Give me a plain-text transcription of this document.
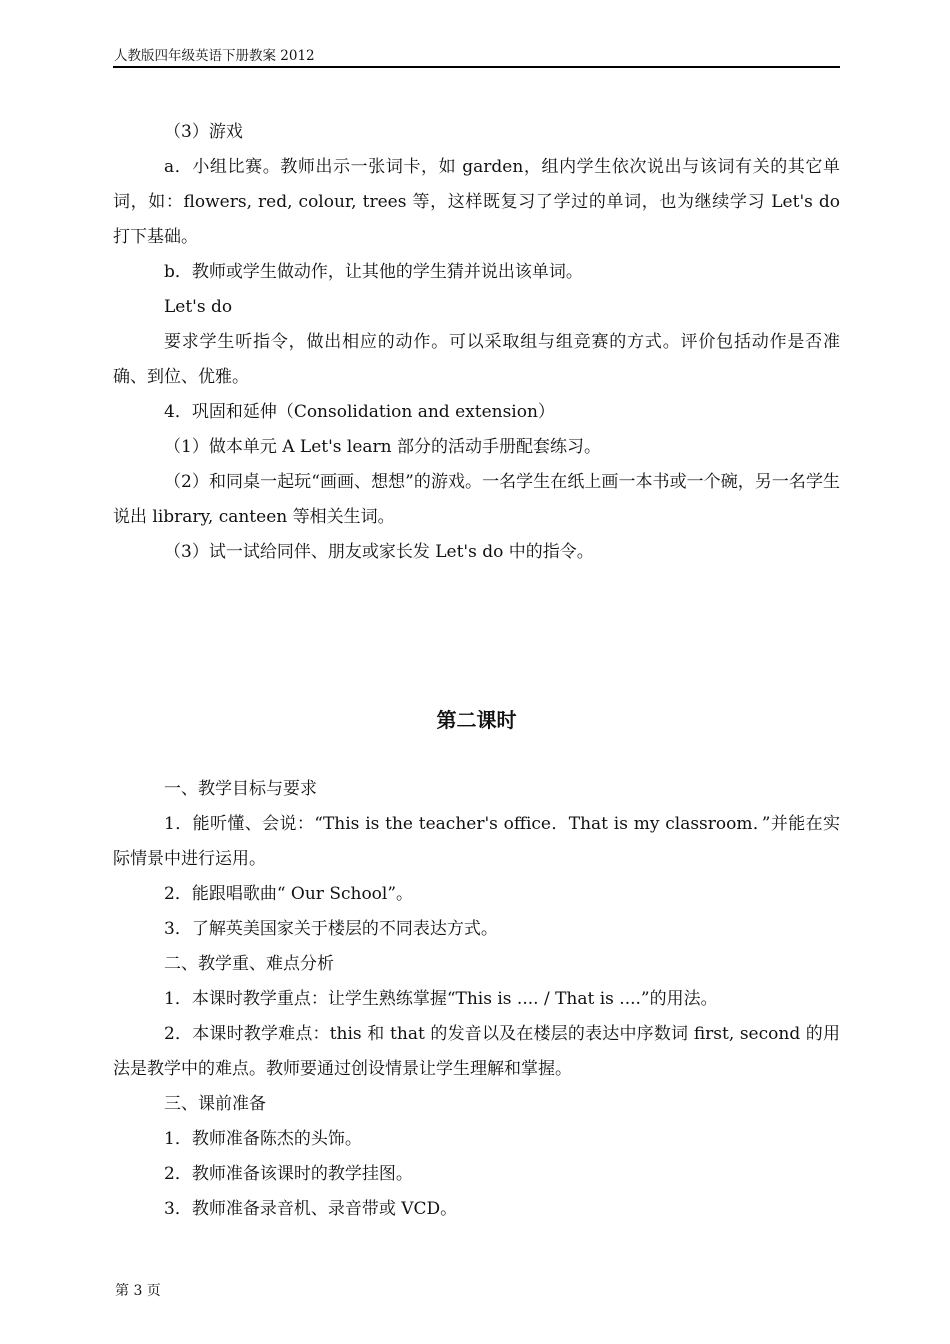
人教版四年级英语下册教案 2012

（3）游戏

a．小组比赛。教师出示一张词卡，如 garden，组内学生依次说出与该词有关的其它单词，如：flowers, red, colour, trees 等，这样既复习了学过的单词，也为继续学习 Let's do 打下基础。

b．教师或学生做动作，让其他的学生猜并说出该单词。

Let's do

要求学生听指令，做出相应的动作。可以采取组与组竞赛的方式。评价包括动作是否准确、到位、优雅。

4．巩固和延伸（Consolidation and extension）

（1）做本单元 A Let's learn 部分的活动手册配套练习。

（2）和同桌一起玩“画画、想想”的游戏。一名学生在纸上画一本书或一个碗，另一名学生说出 library, canteen 等相关生词。

（3）试一试给同伴、朋友或家长发 Let's do 中的指令。

第二课时

一、教学目标与要求

1．能听懂、会说：“This is the teacher's office．That is my classroom．”并能在实际情景中进行运用。

2．能跟唱歌曲“ Our School”。

3．了解英美国家关于楼层的不同表达方式。

二、教学重、难点分析

1．本课时教学重点：让学生熟练掌握“This is .... / That is ....”的用法。

2．本课时教学难点：this 和 that 的发音以及在楼层的表达中序数词 first, second 的用法是教学中的难点。教师要通过创设情景让学生理解和掌握。

三、课前准备

1．教师准备陈杰的头饰。

2．教师准备该课时的教学挂图。

3．教师准备录音机、录音带或 VCD。

第 3 页
